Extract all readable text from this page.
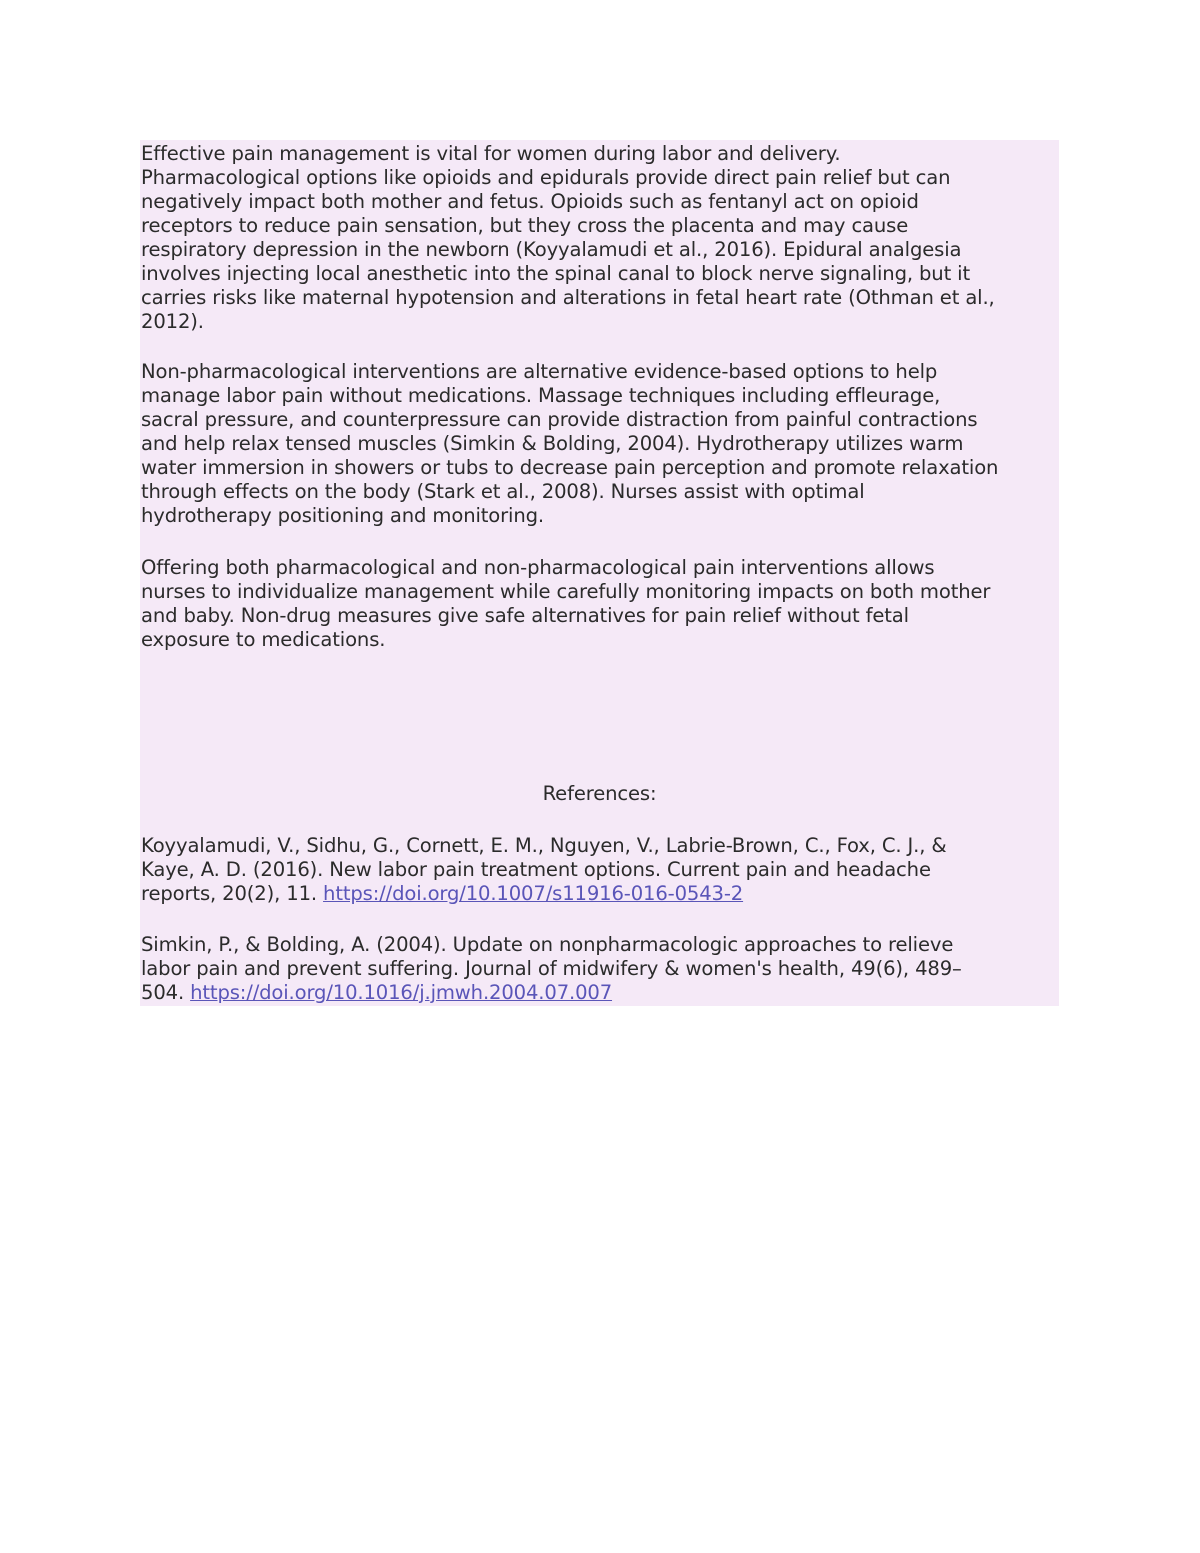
Effective pain management is vital for women during labor and delivery.
Pharmacological options like opioids and epidurals provide direct pain relief but can
negatively impact both mother and fetus. Opioids such as fentanyl act on opioid
receptors to reduce pain sensation, but they cross the placenta and may cause
respiratory depression in the newborn (Koyyalamudi et al., 2016). Epidural analgesia
involves injecting local anesthetic into the spinal canal to block nerve signaling, but it
carries risks like maternal hypotension and alterations in fetal heart rate (Othman et al.,
2012).

Non-pharmacological interventions are alternative evidence-based options to help
manage labor pain without medications. Massage techniques including effleurage,
sacral pressure, and counterpressure can provide distraction from painful contractions
and help relax tensed muscles (Simkin & Bolding, 2004). Hydrotherapy utilizes warm
water immersion in showers or tubs to decrease pain perception and promote relaxation
through effects on the body (Stark et al., 2008). Nurses assist with optimal
hydrotherapy positioning and monitoring.

Offering both pharmacological and non-pharmacological pain interventions allows
nurses to individualize management while carefully monitoring impacts on both mother
and baby. Non-drug measures give safe alternatives for pain relief without fetal
exposure to medications.

References:

Koyyalamudi, V., Sidhu, G., Cornett, E. M., Nguyen, V., Labrie-Brown, C., Fox, C. J., &
Kaye, A. D. (2016). New labor pain treatment options. Current pain and headache
reports, 20(2), 11. https://doi.org/10.1007/s11916-016-0543-2

Simkin, P., & Bolding, A. (2004). Update on nonpharmacologic approaches to relieve
labor pain and prevent suffering. Journal of midwifery & women's health, 49(6), 489–
504. https://doi.org/10.1016/j.jmwh.2004.07.007
